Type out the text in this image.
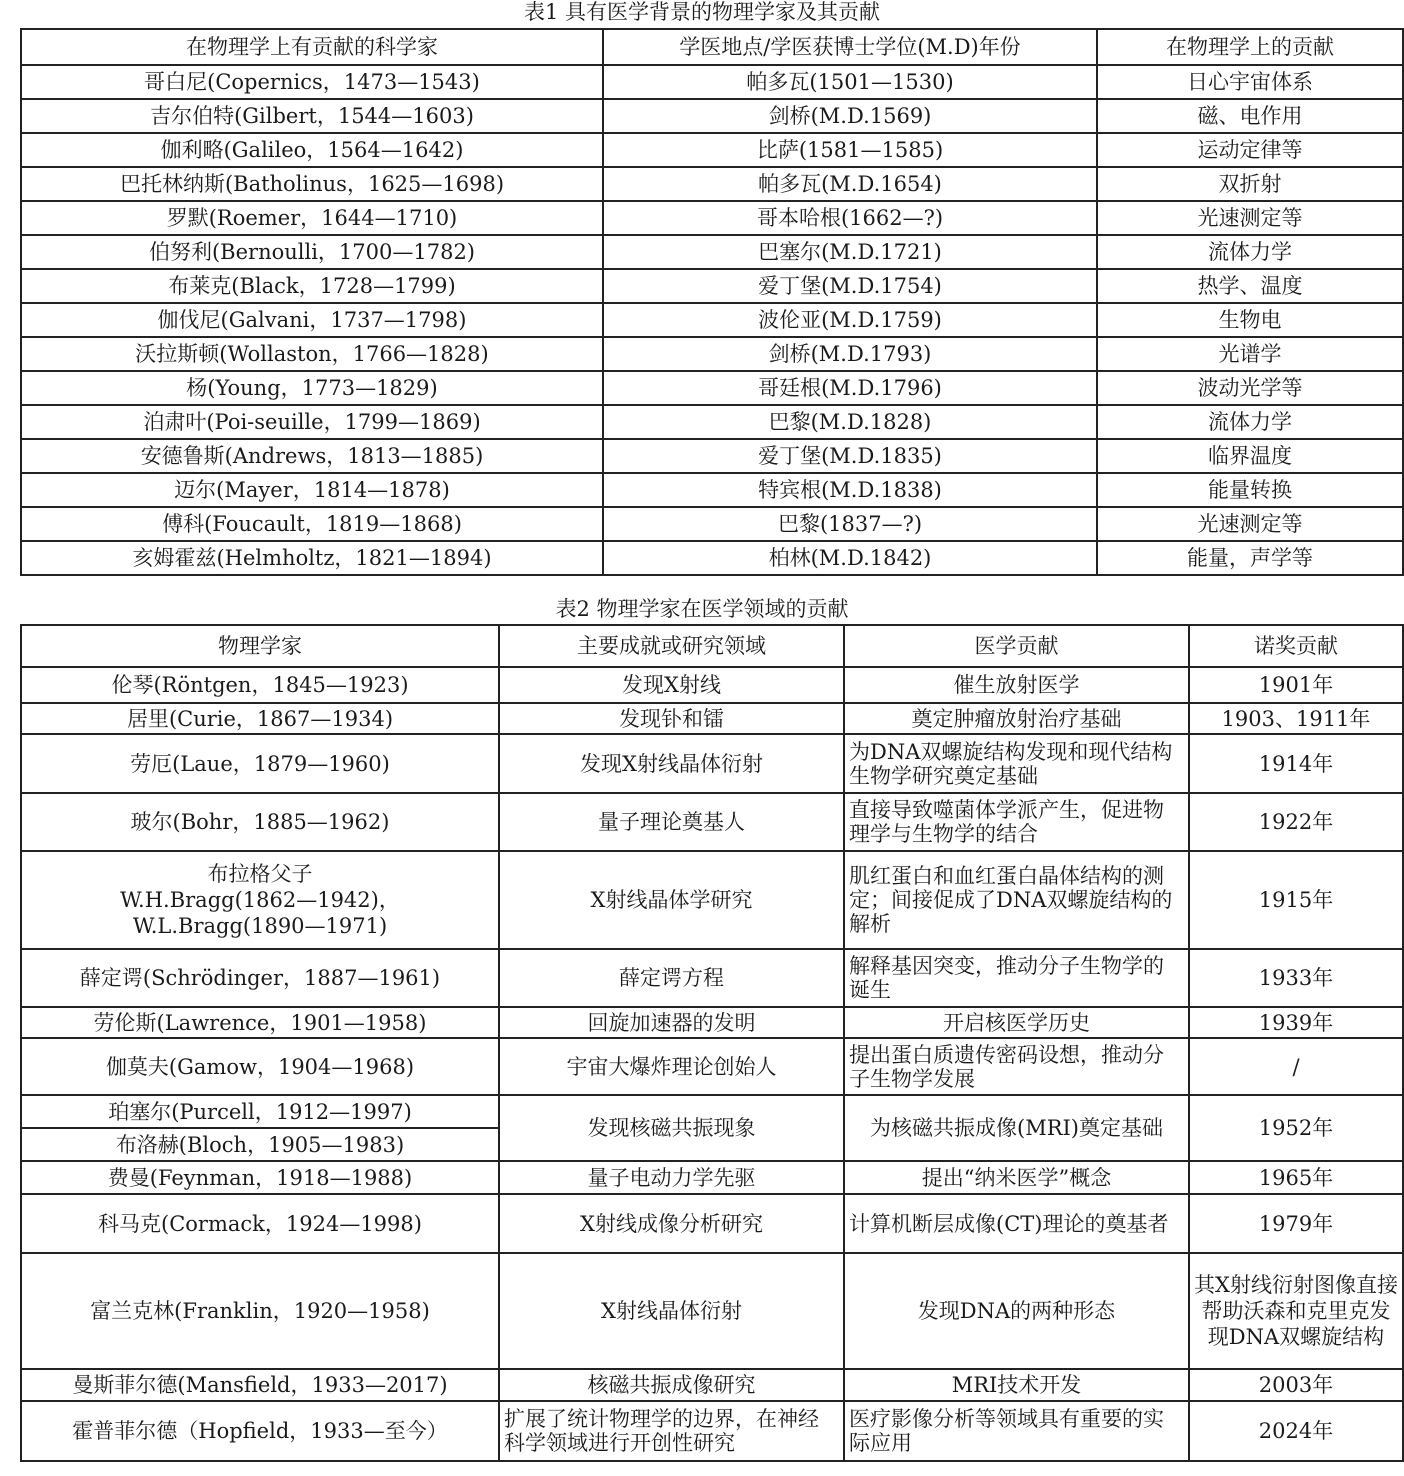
表1 具有医学背景的物理学家及其贡献
在物理学上有贡献的科学家	学医地点/学医获博士学位(M.D)年份	在物理学上的贡献
哥白尼(Copernics，1473—1543)	帕多瓦(1501—1530)	日心宇宙体系
吉尔伯特(Gilbert，1544—1603)	剑桥(M.D.1569)	磁、电作用
伽利略(Galileo，1564—1642)	比萨(1581—1585)	运动定律等
巴托林纳斯(Batholinus，1625—1698)	帕多瓦(M.D.1654)	双折射
罗默(Roemer，1644—1710)	哥本哈根(1662—?)	光速测定等
伯努利(Bernoulli，1700—1782)	巴塞尔(M.D.1721)	流体力学
布莱克(Black，1728—1799)	爱丁堡(M.D.1754)	热学、温度
伽伐尼(Galvani，1737—1798)	波伦亚(M.D.1759)	生物电
沃拉斯顿(Wollaston，1766—1828)	剑桥(M.D.1793)	光谱学
杨(Young，1773—1829)	哥廷根(M.D.1796)	波动光学等
泊肃叶(Poi-seuille，1799—1869)	巴黎(M.D.1828)	流体力学
安德鲁斯(Andrews，1813—1885)	爱丁堡(M.D.1835)	临界温度
迈尔(Mayer，1814—1878)	特宾根(M.D.1838)	能量转换
傅科(Foucault，1819—1868)	巴黎(1837—?)	光速测定等
亥姆霍兹(Helmholtz，1821—1894)	柏林(M.D.1842)	能量，声学等
表2 物理学家在医学领域的贡献
物理学家	主要成就或研究领域	医学贡献	诺奖贡献
伦琴(Röntgen，1845—1923)	发现X射线	催生放射医学	1901年
居里(Curie，1867—1934)	发现钋和镭	奠定肿瘤放射治疗基础	1903、1911年
劳厄(Laue，1879—1960)	发现X射线晶体衍射	为DNA双螺旋结构发现和现代结构生物学研究奠定基础	1914年
玻尔(Bohr，1885—1962)	量子理论奠基人	直接导致噬菌体学派产生，促进物理学与生物学的结合	1922年
布拉格父子
W.H.Bragg(1862—1942)，
W.L.Bragg(1890—1971)	X射线晶体学研究	肌红蛋白和血红蛋白晶体结构的测定；间接促成了DNA双螺旋结构的解析	1915年
薛定谔(Schrödinger，1887—1961)	薛定谔方程	解释基因突变，推动分子生物学的诞生	1933年
劳伦斯(Lawrence，1901—1958)	回旋加速器的发明	开启核医学历史	1939年
伽莫夫(Gamow，1904—1968)	宇宙大爆炸理论创始人	提出蛋白质遗传密码设想，推动分子生物学发展	/
珀塞尔(Purcell，1912—1997)	发现核磁共振现象	为核磁共振成像(MRI)奠定基础	1952年
布洛赫(Bloch，1905—1983)			
费曼(Feynman，1918—1988)	量子电动力学先驱	提出“纳米医学”概念	1965年
科马克(Cormack，1924—1998)	X射线成像分析研究	计算机断层成像(CT)理论的奠基者	1979年
富兰克林(Franklin，1920—1958)	X射线晶体衍射	发现DNA的两种形态	其X射线衍射图像直接帮助沃森和克里克发现DNA双螺旋结构
曼斯菲尔德(Mansfield，1933—2017)	核磁共振成像研究	MRI技术开发	2003年
霍普菲尔德（Hopfield，1933—至今）	扩展了统计物理学的边界，在神经科学领域进行开创性研究	医疗影像分析等领域具有重要的实际应用	2024年
